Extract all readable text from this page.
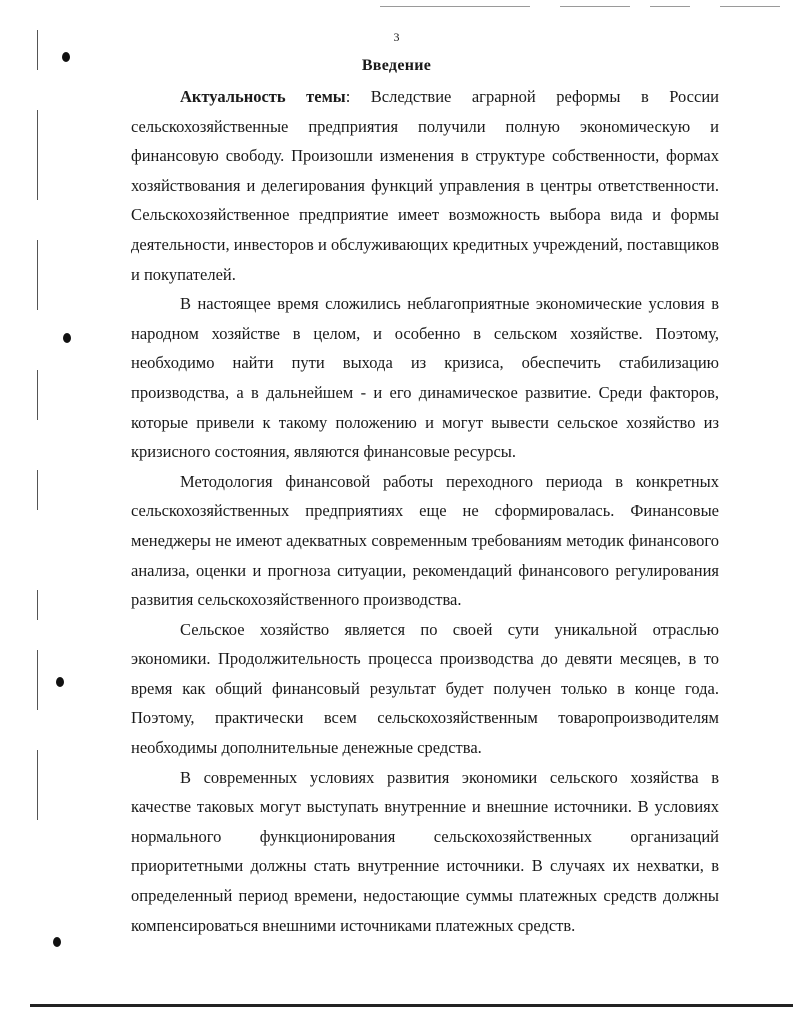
3
Введение

Актуальность темы: Вследствие аграрной реформы в России сельскохозяйственные предприятия получили полную экономическую и финансовую свободу. Произошли изменения в структуре собственности, формах хозяйствования и делегирования функций управления в центры ответственности. Сельскохозяйственное предприятие имеет возможность выбора вида и формы деятельности, инвесторов и обслуживающих кредитных учреждений, поставщиков и покупателей.

В настоящее время сложились неблагоприятные экономические условия в народном хозяйстве в целом, и особенно в сельском хозяйстве. Поэтому, необходимо найти пути выхода из кризиса, обеспечить стабилизацию производства, а в дальнейшем - и его динамическое развитие. Среди факторов, которые привели к такому положению и могут вывести сельское хозяйство из кризисного состояния, являются финансовые ресурсы.

Методология финансовой работы переходного периода в конкретных сельскохозяйственных предприятиях еще не сформировалась. Финансовые менеджеры не имеют адекватных современным требованиям методик финансового анализа, оценки и прогноза ситуации, рекомендаций финансового регулирования развития сельскохозяйственного производства.

Сельское хозяйство является по своей сути уникальной отраслью экономики. Продолжительность процесса производства до девяти месяцев, в то время как общий финансовый результат будет получен только в конце года. Поэтому, практически всем сельскохозяйственным товаропроизводителям необходимы дополнительные денежные средства.

В современных условиях развития экономики сельского хозяйства в качестве таковых могут выступать внутренние и внешние источники. В условиях нормального функционирования сельскохозяйственных организаций приоритетными должны стать внутренние источники. В случаях их нехватки, в определенный период времени, недостающие суммы платежных средств должны компенсироваться внешними источниками платежных средств.
